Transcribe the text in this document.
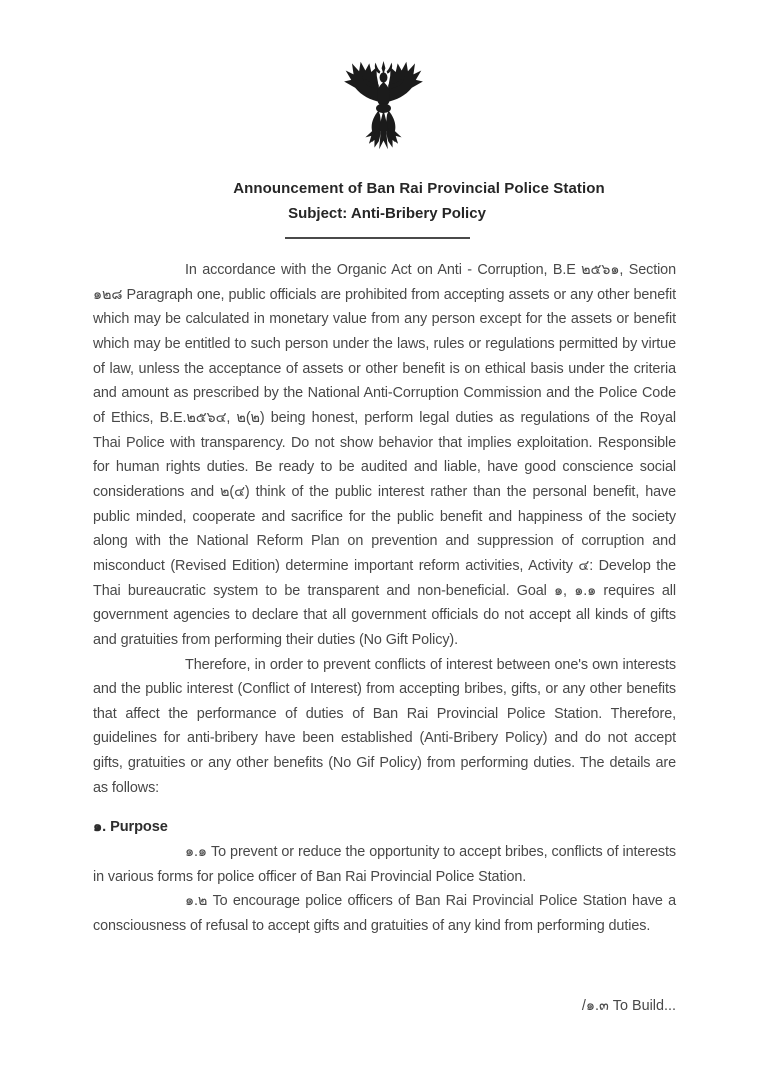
Announcement of Ban Rai Provincial Police Station
Subject: Anti-Bribery Policy

In accordance with the Organic Act on Anti - Corruption, B.E ๒๕๖๑, Section ๑๒๘ Paragraph one, public officials are prohibited from accepting assets or any other benefit which may be calculated in monetary value from any person except for the assets or benefit which may be entitled to such person under the laws, rules or regulations permitted by virtue of law, unless the acceptance of assets or other benefit is on ethical basis under the criteria and amount as prescribed by the National Anti-Corruption Commission and the Police Code of Ethics, B.E.๒๕๖๔, ๒(๒) being honest, perform legal duties as regulations of the Royal Thai Police with transparency. Do not show behavior that implies exploitation. Responsible for human rights duties. Be ready to be audited and liable, have good conscience social considerations and ๒(๔) think of the public interest rather than the personal benefit, have public minded, cooperate and sacrifice for the public benefit and happiness of the society along with the National Reform Plan on prevention and suppression of corruption and misconduct (Revised Edition) determine important reform activities, Activity ๔: Develop the Thai bureaucratic system to be transparent and non-beneficial. Goal ๑, ๑.๑ requires all government agencies to declare that all government officials do not accept all kinds of gifts and gratuities from performing their duties (No Gift Policy).

Therefore, in order to prevent conflicts of interest between one's own interests and the public interest (Conflict of Interest) from accepting bribes, gifts, or any other benefits that affect the performance of duties of Ban Rai Provincial Police Station. Therefore, guidelines for anti-bribery have been established (Anti-Bribery Policy) and do not accept gifts, gratuities or any other benefits (No Gif Policy) from performing duties. The details are as follows:

๑. Purpose

๑.๑ To prevent or reduce the opportunity to accept bribes, conflicts of interests in various forms for police officer of Ban Rai Provincial Police Station.

๑.๒ To encourage police officers of Ban Rai Provincial Police Station have a consciousness of refusal to accept gifts and gratuities of any kind from performing duties.

/๑.๓ To Build...
